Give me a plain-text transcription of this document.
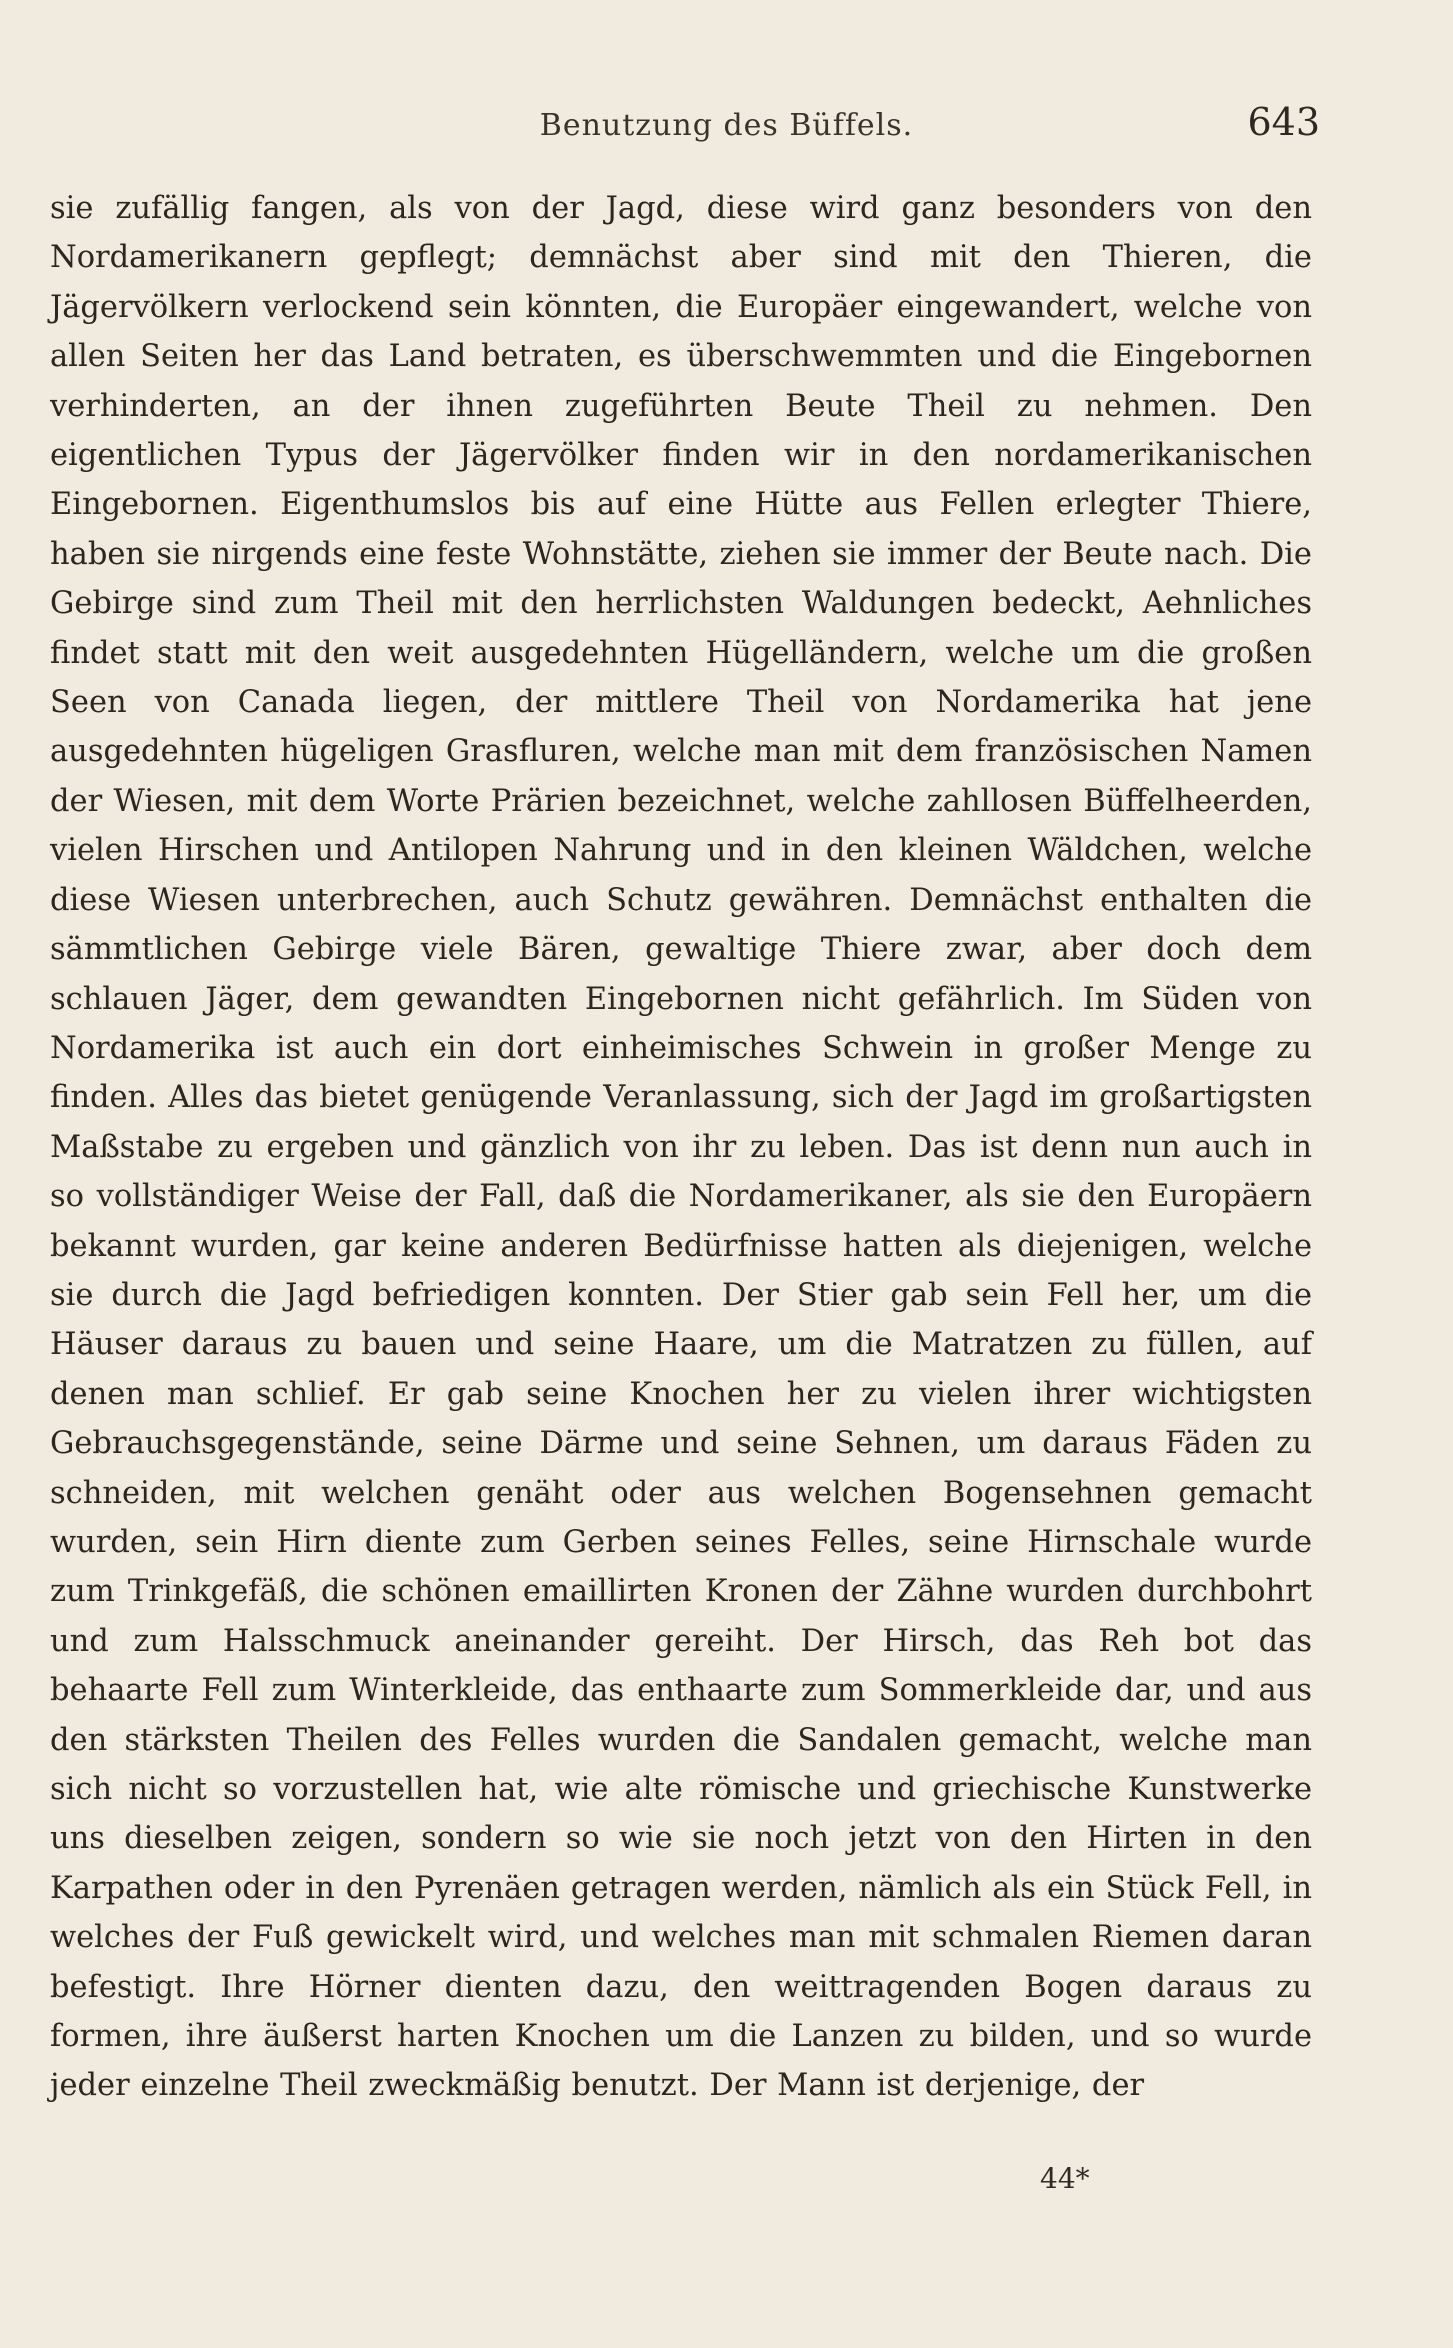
Benutzung des Büffels.	643

sie zufällig fangen, als von der Jagd, diese wird ganz besonders von den Nordamerikanern gepflegt; demnächst aber sind mit den Thieren, die Jägervölkern verlockend sein könnten, die Europäer eingewandert, welche von allen Seiten her das Land betraten, es überschwemmten und die Eingebornen verhinderten, an der ihnen zugeführten Beute Theil zu nehmen. Den eigentlichen Typus der Jägervölker finden wir in den nordamerikanischen Eingebornen. Eigenthumslos bis auf eine Hütte aus Fellen erlegter Thiere, haben sie nirgends eine feste Wohnstätte, ziehen sie immer der Beute nach. Die Gebirge sind zum Theil mit den herrlichsten Waldungen bedeckt, Aehnliches findet statt mit den weit ausgedehnten Hügelländern, welche um die großen Seen von Canada liegen, der mittlere Theil von Nordamerika hat jene ausgedehnten hügeligen Grasfluren, welche man mit dem französischen Namen der Wiesen, mit dem Worte Prärien bezeichnet, welche zahllosen Büffelheerden, vielen Hirschen und Antilopen Nahrung und in den kleinen Wäldchen, welche diese Wiesen unterbrechen, auch Schutz gewähren. Demnächst enthalten die sämmtlichen Gebirge viele Bären, gewaltige Thiere zwar, aber doch dem schlauen Jäger, dem gewandten Eingebornen nicht gefährlich. Im Süden von Nordamerika ist auch ein dort einheimisches Schwein in großer Menge zu finden. Alles das bietet genügende Veranlassung, sich der Jagd im großartigsten Maßstabe zu ergeben und gänzlich von ihr zu leben. Das ist denn nun auch in so vollständiger Weise der Fall, daß die Nordamerikaner, als sie den Europäern bekannt wurden, gar keine anderen Bedürfnisse hatten als diejenigen, welche sie durch die Jagd befriedigen konnten. Der Stier gab sein Fell her, um die Häuser daraus zu bauen und seine Haare, um die Matratzen zu füllen, auf denen man schlief. Er gab seine Knochen her zu vielen ihrer wichtigsten Gebrauchsgegenstände, seine Därme und seine Sehnen, um daraus Fäden zu schneiden, mit welchen genäht oder aus welchen Bogensehnen gemacht wurden, sein Hirn diente zum Gerben seines Felles, seine Hirnschale wurde zum Trinkgefäß, die schönen emaillirten Kronen der Zähne wurden durchbohrt und zum Halsschmuck aneinander gereiht. Der Hirsch, das Reh bot das behaarte Fell zum Winterkleide, das enthaarte zum Sommerkleide dar, und aus den stärksten Theilen des Felles wurden die Sandalen gemacht, welche man sich nicht so vorzustellen hat, wie alte römische und griechische Kunstwerke uns dieselben zeigen, sondern so wie sie noch jetzt von den Hirten in den Karpathen oder in den Pyrenäen getragen werden, nämlich als ein Stück Fell, in welches der Fuß gewickelt wird, und welches man mit schmalen Riemen daran befestigt. Ihre Hörner dienten dazu, den weittragenden Bogen daraus zu formen, ihre äußerst harten Knochen um die Lanzen zu bilden, und so wurde jeder einzelne Theil zweckmäßig benutzt. Der Mann ist derjenige, der

44*
